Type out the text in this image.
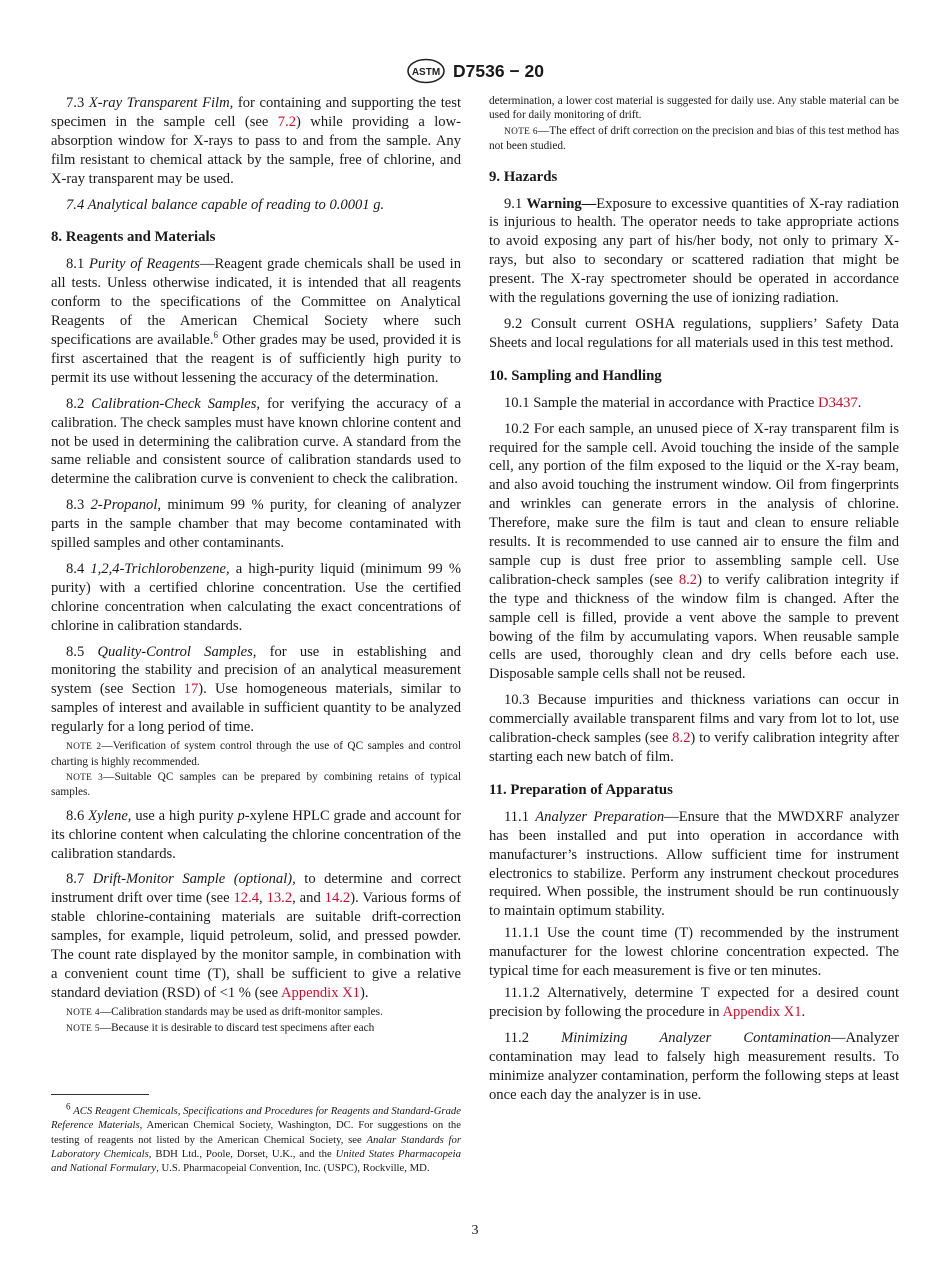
ASTM D7536 − 20

7.3 X-ray Transparent Film, for containing and supporting the test specimen in the sample cell (see 7.2) while providing a low-absorption window for X-rays to pass to and from the sample. Any film resistant to chemical attack by the sample, free of chlorine, and X-ray transparent may be used.

7.4 Analytical balance capable of reading to 0.0001 g.

8. Reagents and Materials

8.1 Purity of Reagents—Reagent grade chemicals shall be used in all tests. Unless otherwise indicated, it is intended that all reagents conform to the specifications of the Committee on Analytical Reagents of the American Chemical Society where such specifications are available.$^6$ Other grades may be used, provided it is first ascertained that the reagent is of sufficiently high purity to permit its use without lessening the accuracy of the determination.

8.2 Calibration-Check Samples, for verifying the accuracy of a calibration. The check samples must have known chlorine content and not be used in determining the calibration curve. A standard from the same reliable and consistent source of calibration standards used to determine the calibration curve is convenient to check the calibration.

8.3 2-Propanol, minimum 99 % purity, for cleaning of analyzer parts in the sample chamber that may become contaminated with spilled samples and other contaminants.

8.4 1,2,4-Trichlorobenzene, a high-purity liquid (minimum 99 % purity) with a certified chlorine concentration. Use the certified chlorine concentration when calculating the exact concentrations of chlorine in calibration standards.

8.5 Quality-Control Samples, for use in establishing and monitoring the stability and precision of an analytical measurement system (see Section 17). Use homogeneous materials, similar to samples of interest and available in sufficient quantity to be analyzed regularly for a long period of time.

NOTE 2—Verification of system control through the use of QC samples and control charting is highly recommended.
NOTE 3—Suitable QC samples can be prepared by combining retains of typical samples.

8.6 Xylene, use a high purity p-xylene HPLC grade and account for its chlorine content when calculating the chlorine concentration of the calibration standards.

8.7 Drift-Monitor Sample (optional), to determine and correct instrument drift over time (see 12.4, 13.2, and 14.2). Various forms of stable chlorine-containing materials are suitable drift-correction samples, for example, liquid petroleum, solid, and pressed powder. The count rate displayed by the monitor sample, in combination with a convenient count time (T), shall be sufficient to give a relative standard deviation (RSD) of <1 % (see Appendix X1).

NOTE 4—Calibration standards may be used as drift-monitor samples.
NOTE 5—Because it is desirable to discard test specimens after each

$^6$ ACS Reagent Chemicals, Specifications and Procedures for Reagents and Standard-Grade Reference Materials, American Chemical Society, Washington, DC. For suggestions on the testing of reagents not listed by the American Chemical Society, see Analar Standards for Laboratory Chemicals, BDH Ltd., Poole, Dorset, U.K., and the United States Pharmacopeia and National Formulary, U.S. Pharmacopeial Convention, Inc. (USPC), Rockville, MD.

determination, a lower cost material is suggested for daily use. Any stable material can be used for daily monitoring of drift.
NOTE 6—The effect of drift correction on the precision and bias of this test method has not been studied.
9. Hazards

9.1 Warning—Exposure to excessive quantities of X-ray radiation is injurious to health. The operator needs to take appropriate actions to avoid exposing any part of his/her body, not only to primary X-rays, but also to secondary or scattered radiation that might be present. The X-ray spectrometer should be operated in accordance with the regulations governing the use of ionizing radiation.

9.2 Consult current OSHA regulations, suppliers’ Safety Data Sheets and local regulations for all materials used in this test method.

10. Sampling and Handling

10.1 Sample the material in accordance with Practice D3437.

10.2 For each sample, an unused piece of X-ray transparent film is required for the sample cell. Avoid touching the inside of the sample cell, any portion of the film exposed to the liquid or the X-ray beam, and also avoid touching the instrument window. Oil from fingerprints and wrinkles can generate errors in the analysis of chlorine. Therefore, make sure the film is taut and clean to ensure reliable results. It is recommended to use canned air to ensure the film and sample cup is dust free prior to assembling sample cell. Use calibration-check samples (see 8.2) to verify calibration integrity if the type and thickness of the window film is changed. After the sample cell is filled, provide a vent above the sample to prevent bowing of the film by accumulating vapors. When reusable sample cells are used, thoroughly clean and dry cells before each use. Disposable sample cells shall not be reused.

10.3 Because impurities and thickness variations can occur in commercially available transparent films and vary from lot to lot, use calibration-check samples (see 8.2) to verify calibration integrity after starting each new batch of film.

11. Preparation of Apparatus

11.1 Analyzer Preparation—Ensure that the MWDXRF analyzer has been installed and put into operation in accordance with manufacturer’s instructions. Allow sufficient time for instrument electronics to stabilize. Perform any instrument checkout procedures required. When possible, the instrument should be run continuously to maintain optimum stability.

11.1.1 Use the count time (T) recommended by the instrument manufacturer for the lowest chlorine concentration expected. The typical time for each measurement is five or ten minutes.

11.1.2 Alternatively, determine T expected for a desired count precision by following the procedure in Appendix X1.

11.2 Minimizing Analyzer Contamination—Analyzer contamination may lead to falsely high measurement results. To minimize analyzer contamination, perform the following steps at least once each day the analyzer is in use.

3
